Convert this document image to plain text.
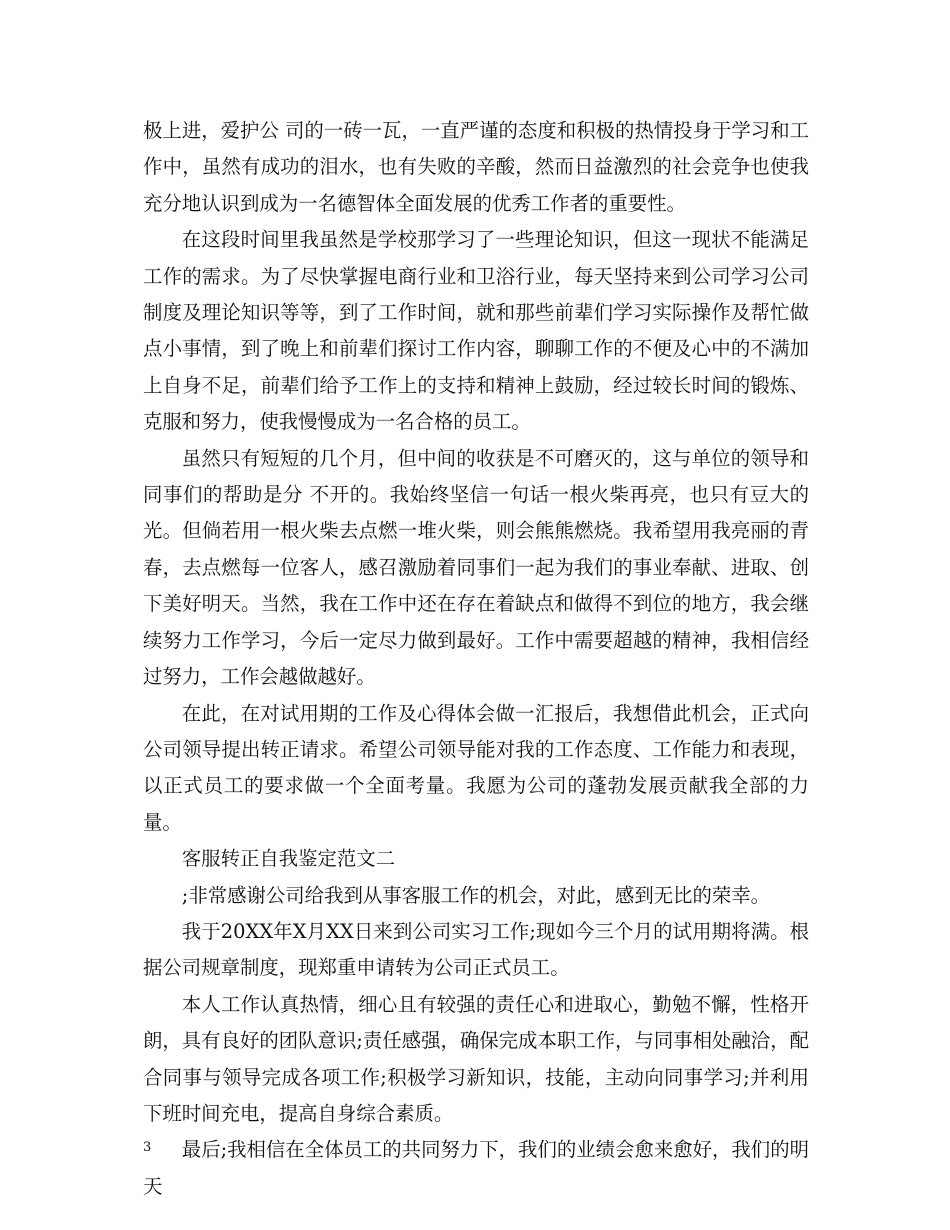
极上进，爱护公 司的一砖一瓦，一直严谨的态度和积极的热情投身于学习和工作中，虽然有成功的泪水，也有失败的辛酸，然而日益激烈的社会竞争也使我充分地认识到成为一名德智体全面发展的优秀工作者的重要性。

在这段时间里我虽然是学校那学习了一些理论知识，但这一现状不能满足工作的需求。为了尽快掌握电商行业和卫浴行业，每天坚持来到公司学习公司制度及理论知识等等，到了工作时间，就和那些前辈们学习实际操作及帮忙做点小事情，到了晚上和前辈们探讨工作内容，聊聊工作的不便及心中的不满加上自身不足，前辈们给予工作上的支持和精神上鼓励，经过较长时间的锻炼、克服和努力，使我慢慢成为一名合格的员工。

虽然只有短短的几个月，但中间的收获是不可磨灭的，这与单位的领导和同事们的帮助是分 不开的。我始终坚信一句话一根火柴再亮，也只有豆大的光。但倘若用一根火柴去点燃一堆火柴，则会熊熊燃烧。我希望用我亮丽的青春，去点燃每一位客人，感召激励着同事们一起为我们的事业奉献、进取、创下美好明天。当然，我在工作中还在存在着缺点和做得不到位的地方，我会继续努力工作学习，今后一定尽力做到最好。工作中需要超越的精神，我相信经过努力，工作会越做越好。

在此，在对试用期的工作及心得体会做一汇报后，我想借此机会，正式向公司领导提出转正请求。希望公司领导能对我的工作态度、工作能力和表现，以正式员工的要求做一个全面考量。我愿为公司的蓬勃发展贡献我全部的力量。

客服转正自我鉴定范文二

;非常感谢公司给我到从事客服工作的机会，对此，感到无比的荣幸。

我于20XX年X月XX日来到公司实习工作;现如今三个月的试用期将满。根据公司规章制度，现郑重申请转为公司正式员工。

本人工作认真热情，细心且有较强的责任心和进取心，勤勉不懈，性格开朗，具有良好的团队意识;责任感强，确保完成本职工作，与同事相处融洽，配合同事与领导完成各项工作;积极学习新知识，技能，主动向同事学习;并利用下班时间充电，提高自身综合素质。

最后;我相信在全体员工的共同努力下，我们的业绩会愈来愈好，我们的明天

3
